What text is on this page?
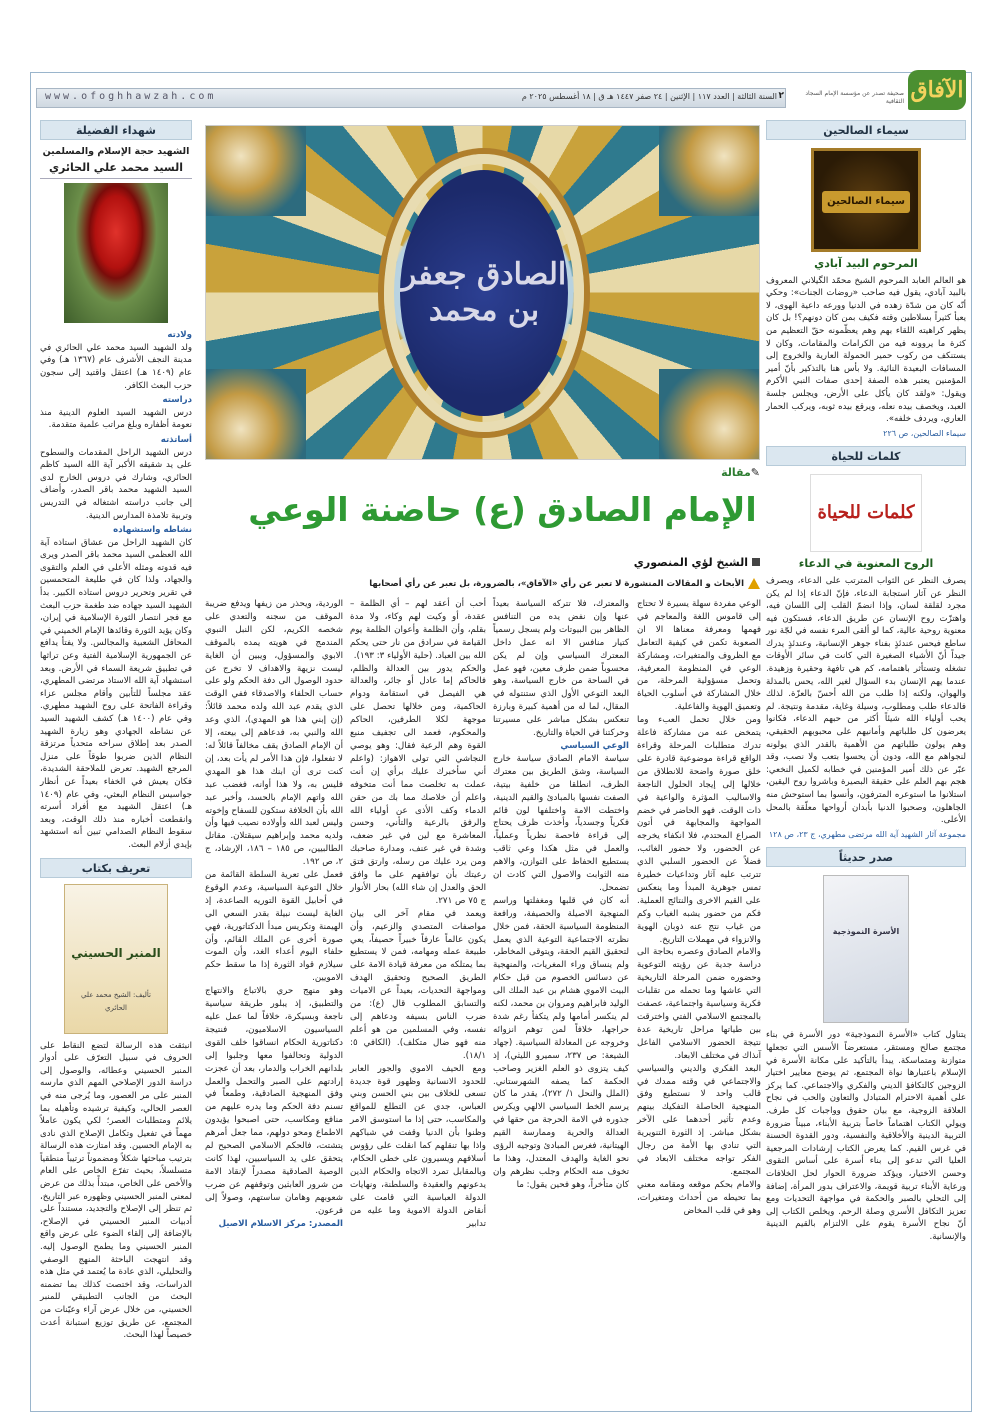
www.ofoghhawzah.com	السنة الثالثة | العدد ١١٧ | الإثنين | ٢٤ صفر ١٤٤٧ هـ ق | ١٨ أغسطس ٢٠٢٥ م ٢	الآفاق
صحيفة تصدر عن مؤسسة الإمام السجاد الثقافية
سيماء الصالحين
سيماء الصالحين
المرحوم البيد آبادي

هو العالم العابد المرحوم الشيخ محمّد الگيلاني المعروف بالبيد آبادي، يقول فيه صاحب «روضات الجنات»: وحكي أنّه كان من شدّة زهده في الدنيا وورعه داعية الهوى، لا يعبأ كثيراً بسلاطين وقته فكيف بمن كان دونهم؟! بل كان يظهر كراهيته اللقاء بهم وهم يعظّمونه حقّ التعظيم من كثرة ما يروونه فيه من الكرامات والمقامات، وكان لا يستنكف من ركوب حمير الحمولة العارية والخروج إلى المسافات البعيدة النائية. ولا بأس هنا بالتذكير بأنّ أمير المؤمنين يعتبر هذه الصفة إحدى صفات النبي الأكرم ويقول: «ولقد كان يأكل على الأرض، ويجلس جلسة العبد، ويخصف بيده نعله، ويرقع بيده ثوبه، ويركب الحمار العاري، ويردف خلفه».

سيماء الصالحين، ص ٢٢٦

كلمات للحياة
كلمات للحياة
الروح المعنوية في الدعاء

يصرف النظر عن الثواب المترتب على الدعاء، ويصرف النظر عن آثار استجابة الدعاء، فإنّ الدعاء إذا لم يكن مجرد لقلقة لسان، وإذا انضمّ القلب إلى اللسان فيه، واهتزّت روح الإنسان عن طريق الدعاء، فستكون فيه معنوية روحية عالية، كما لو ألقى المرء نفسه في لجّة نور ساطع فيحس عندئذٍ بفناء جوهر الإنسانية، وعندئذٍ يدرك جيداً أنّ الأشياء الصغيرة التي كانت في سائر الأوقات تشغله وتستأثر باهتمامه، كم هي تافهة وحقيرة وزهيدة. عندما يهم الإنسان بدء السؤال لغير الله، يحس بالمذلة والهوان، ولكنه إذا طلب من الله أحسّ بالعزّة. لذلك فالدعاء طلب ومطلوب، وسيلة وغاية، مقدمة ونتيجة. لم يحب أولياء الله شيئاً أكثر من حبهم الدعاء، فكانوا يعرضون كل طلباتهم وأمانيهم على محبوبهم الحقيقي، وهم يولون طلباتهم من الأهمية بالقدر الذي يولونه لنجواهم مع الله، ودون أن يحسوا بتعب ولا نصب، وقد عبّر عن ذلك أمير المؤمنين في خطابه لكميل النخعي: هجم بهم العلم على حقيقة البصيرة وباشروا روح اليقين، استلانوا ما استوعره المترفون، وأنسوا بما استوحش منه الجاهلون، وصحبوا الدنيا بأبدان أرواحها معلّقة بالمحل الأعلى.

مجموعة آثار الشهيد آية الله مرتضى مطهري، ج ٢٣، ص ١٢٨

صدر حديثاً
الأسرة النموذجية

يتناول كتاب «الأسرة النموذجية» دور الأسرة في بناء مجتمع صالح ومستقر، مستعرضاً الأسس التي تجعلها متوازنة ومتماسكة. يبدأ بالتأكيد على مكانة الأسرة في الإسلام باعتبارها نواة المجتمع، ثم يوضح معايير اختيار الزوجين كالتكافؤ الديني والفكري والاجتماعي. كما يركز على أهمية الاحترام المتبادل والتعاون والحب في نجاح العلاقة الزوجية، مع بيان حقوق وواجبات كل طرف. ويولي الكتاب اهتماماً خاصاً بتربية الأبناء، مبيناً ضرورة التربية الدينية والأخلاقية والنفسية، ودور القدوة الحسنة في غرس القيم. كما يعرض الكتاب إرشادات المرجعية العليا التي تدعو إلى بناء أسرة على أساس التقوى وحسن الاختيار، ويؤكد ضرورة الحوار لحل الخلافات ورعاية الأبناء تربية قويمة، والاعتراف بدور المرأة، إضافة إلى التحلي بالصبر والحكمة في مواجهة التحديات ومع تعزيز التكافل الأسري وصلة الرحم. ويخلص الكتاب إلى أنّ نجاح الأسرة يقوم على الالتزام بالقيم الدينية والإنسانية.

شهداء الفضيلة
الشهيد حجة الإسلام والمسلمين
السيد محمد علي الحائري
ولادته

ولد الشهيد السيد محمد علي الحائري في مدينة النجف الأشرف عام (١٣٦٧ هـ) وفي عام (١٤٠٩ هـ) اعتقل واقتيد إلى سجون حزب البعث الكافر.

دراسته

درس الشهيد السيد العلوم الدينية منذ نعومة أظفاره وبلغ مراتب علمية متقدمة.

أساتذته

درس الشهيد الراحل المقدمات والسطوح على يد شقيقه الأكبر آية الله السيد كاظم الحائري، وشارك في دروس الخارج لدى السيد الشهيد محمد باقر الصدر، وأضاف إلى جانب دراسته اشتغاله في التدريس وتربية تلامذة المدارس الدينية.

نشاطه واستشهاده

كان الشهيد الراحل من عشاق استاذه آية الله العظمى السيد محمد باقر الصدر ويرى فيه قدوته ومثله الأعلى في العلم والتقوى والجهاد، ولذا كان في طليعة المتحمسين في تقرير وتحرير دروس استاذه الكبير. بدأ الشهيد السيد جهاده ضد طغمة حزب البعث مع فجر انتصار الثورة الإسلامية في إيران، وكان يؤيد الثورة وقائدها الإمام الخميني في المحافل الشعبية والمجالس. ولا يفتأ يدافع عن الجمهورية الإسلامية الفتية وعن تراثها في تطبيق شريعة السماء في الأرض. وبعد استشهاد آية الله الاستاذ مرتضى المطهري، عقد مجلساً للتأبين وأقام مجلس عزاء وقراءة الفاتحة على روح الشهيد مطهري. وفي عام (١٤٠٠ هـ) كشف الشهيد السيد عن نشاطه الجهادي وهو زيارة الشهيد الصدر بعد إطلاق سراحه متحدياً مرتزقة النظام الذين ضربوا طوقاً على منزل المرجع الشهيد. تعرض للملاحقة الشديدة، فكان يعيش في الخفاء بعيداً عن أنظار جواسيس النظام البعثي، وفي عام (١٤٠٩ هـ) اعتقل الشهيد مع أفراد أسرته وانقطعت أخباره منذ ذلك الوقت، وبعد سقوط النظام الصدامي تبين أنه استشهد بإيدي أزلام البعث.

تعريف بكتاب
المنبر الحسيني
تأليف: الشيخ محمد علي الحائري

انبثقت هذه الرسالة لتضع النقاط على الحروف في سبيل التعرّف على أدوار المنبر الحسيني وعطائه، والوصول إلى دراسة الدور الإصلاحي المهم الذي مارسه المنبر على مر العصور، وما يُرجى منه في العصر الحالي، وكيفية ترشيده وتأهيله بما يلائم ومتطلبات العصر؛ لكي يكون عاملاً مهماً في تفعيل وتكامل الإصلاح الذي نادى به الإمام الحسين. وقد امتازت هذه الرسالة بترتيب مباحثها شكلاً ومضموناً ترتيباً منطقياً متسلسلاً، بحيث تفرّع الخاص على العام والأخص على الخاص، مبتدأً بذلك من عرض لمعنى المنبر الحسيني وظهوره عبر التاريخ، ثم تنظر إلى الإصلاح والتجديد، مستنداً على أدبيات المنبر الحسيني في الإصلاح، بالإضافة إلى إلقاء الضوء على عرض واقع المنبر الحسيني وما يطمح الوصول إليه. وقد انتهجت الباحثة المنهج الوصفي والتحليلي، الذي عادة ما يُعتمد في مثل هذه الدراسات، وقد اختصت كذلك بما تضمنه البحث من الجانب التطبيقي للمنبر الحسيني، من خلال عرض آراء وعيّنات من المجتمع، عن طريق توزيع استبانة أعدت خصيصاً لهذا البحث.

الصادق جعفر بن محمد
✎مقالة
الإمام الصادق (ع) حاضنة الوعي
الشيخ لؤي المنصوري
الأبحاث و المقالات المنشورة لا تعبر عن رأي «الآفاق»، بالضرورة، بل تعبر عن رأي أصحابها

الوعي مفردة سهلة يسيرة لا تحتاج إلى قاموس اللغة والمعاجم في فهمها ومعرفة معناها الا ان الصعوبة تكمن في كيفية التعامل مع الظروف والمتغيرات، ومشاركة الوعي في المنظومة المعرفية، وتحمل مسؤولية المرحلة، من خلال المشاركة في أسلوب الحياة وتعميق الهوية والفاعلية.

ومن خلال تحمل العبء وما يتمخض عنه من مشاركة فاعلة تدرك متطلبات المرحلة وقراءة الواقع قراءة موضوعية قادرة على خلق صورة واضحة للانطلاق من خلالها إلى إيجاد الحلول الناجعة والاساليب المؤثرة والواعية في ذات الوقت. فهو الحاضر في خضم المواجهة والمجابهة في أتون الصراع المحتدم، فلا انكفاء يخرجه عن الحضور، ولا حضور الغائب، فضلاً عن الحضور السلبي الذي تترتب عليه آثار وتداعيات خطيرة تمس جوهرية المبدأ وما ينعكس على القيم الاخرى والنتائج العملية. فكم من حضور يشبه الغياب وكم من غياب نتج عنه ذوبان الهوية والانزواء في مهملات التاريخ.

والامام الصادق وعصره بحاجة الى دراسة جدية عن رؤيته التوعوية وحضوره ضمن المرحلة التاريخية التي عاشها وما تحمله من تقلبات فكرية وسياسية واجتماعية، عصفت بالمجتمع الاسلامي الفتي واخترقت بين طياتها مراحل تاريخية عدة نتيجة الحضور الاسلامي الفاعل آنذاك في مختلف الابعاد.

البعد الفكري والديني والسياسي والاجتماعي في وقته ممدك في قالب واحد لا نستطيع وفق المنهجية الحاصلة التفكيك بينهم وعدم تأثير أحدهما على الآخر بشكل مباشر. إذ الثورة التنويرية التي تنادي بها الأمة من رجال الفكر تواجه مختلف الابعاد في المجتمع.

والامام بحكم موقعه ومقامه معني بما تحيطه من أحداث ومتغيرات، وهو في قلب المخاض

والمعترك، فلا تتركه السياسة بعيداً عنها وإن نفض يده من التنافس الظاهر بين البيوتات ولم يسجل رسمياً كتيار منافس الا انه عمل داخل المعترك السياسي وإن لم يكن محسوباً ضمن طرف معين، فهو عمل في الساحة من خارج السياسة، وهو البعد التوعي الأول الذي ستنتوله في المقال، لما له من أهمية كبيرة وبارزة تنعكس بشكل مباشر على مسيرتنا وحركتنا في الحياة والتاريخ.

الوعي السياسي

سياسة الامام الصادق سياسة خارج السياسة، وشق الطريق بين معترك الظرف، انطلقا من خلفية بيتية، الصفت نفسها بالمبادئ والقيم الدينية، واختطت الامة واختلفها لون قائم فكرياً وجسدياً، وأخذت ظرف يحتاج إلى قراءة فاحصة نظرياً وعملياً، والعمل في مثل هكذا وعي ثاقب يستطيع الحفاظ على التوازن، والاهم منه الثوابت والاصول التي كادت ان تضمحل.

أنه كان في قلبها ومغفلتها وراسم المنهجية الاصيلة والحصيفة، ورافعة المنظومة السياسية الحقة، فمن خلال نظرته الاجتماعية التوعية الذي يعمل لتحقيق القيم الحقة، ويتوقى المخاطر، ولم ينساق وراء المغريات، والمنهجية عن دسائس الخصوم من قبل حكام البيت الاموي هشام بن عبد الملك الى الوليد فابراهيم ومروان بن محمد، لكنه لم ينكسر أمامها ولم يتكفأ رغم شدة حراجها، خلافاً لمن توهم انزوائه وخروجه عن المعادلة السياسية. (جهاد الشيعة: ص ٢٣٧، سميرو الليثي)، إذ كيف يتزوى ذو العلم الغزير وصاحب الحكمة كما يصفه الشهرستاني. (الملل والنحل ١/ ٢٧٢)، يقدر ما كان يرسم الخط السياسي الالهي ويكرس جذوره في الامة الحرجة من حقها في العدالة والحرية وممارسة القيم الهيتانية، فغرس المبادئ وتوجيه الرؤى نحو الغاية والهدف المعتدل، وهذا ما تخوف منه الحكام وجلب نظرهم وان كان متأخراً، وهو فحين يقول: ما

أحب أن أعقد لهم – أي الظلمة – عقدة، أو وكيت لهم وكاء، ولا مدة بقلم، وأن الظلمة وأعوان الظلمة يوم القيامة في سرادق من نار حتى يحكم الله بين العباد. (حلية الأولياء ٣: ١٩٣).

والحكم يدور بين العدالة والظلم، فالحاكم إما عادل أو جائر، والعدالة هي الفيصل في استقامة ودوام الحاكمية، ومن خلالها تحصل على موجهة لكلا الطرفين، الحاكم والمحكوم، فعمد الى تجفيف منبع القوة وهم الرعية فقال: وهو يوصي النجاشي التي تولى الاهواز: (واعلم أني سأخبرك عليك برأي إن أنت عملت به تخلصت مما أنت متخوفه واعلم أن خلاصك مما بك من حقن الدماء وكف الأذى عن أولياء الله والرفق بالرعية والتأني، وحسن المعاشرة مع لين في غير ضعف، وشدة في غير عنف، ومدارة صاحبك ومن يرد عليك من رسله، وارتق فتق رعيتك بأن توافقهم على ما وافق الحق والعدل إن شاء الله) بحار الأنوار ج ٧٥ ص ٢٧١.

ويعمد في مقام آخر الى بيان مواصفات المتصدي والزعيم، وأن يكون عالماً عارفاً خبيراً حصيفاً، يعي طبيعة عمله ومهامه، فمن لا يستطيع بما يمتلكه من معرفة قيادة الامة على الطريق الصحيح وتحقيق الهدف ومواجهة التحديات، بعيداً عن الاميات والتسابق المطلوب قال (ع): من ضرب الناس بسيفه ودعاهم إلى نفسه، وفي المسلمين من هو أعلم منه فهو ضال متكلف). (الكافي ٥: ١٨/١).

ومع الحيف الاموي والجور العابر للحدود الانسانية وظهور قوة جديدة تسعى للخلاف بين بني الحسن وبني العباس، جدي عن التطلع للمواقع والمكاسب، حتى إذا ما استوسق الامر وظنوا بأن الدنيا وقفت في شباكهم واذا بها تنقلهم كما انقلت على رؤوس أسلافهم ويسيرون على خطى الحكام، وبالمقابل تمرد الاتجاه والحكام الذين يدعونهم والعقيدة والسلطنة، ونهايات الدولة العباسية التي قامت على أنقاض الدولة الاموية وما عليه من تدابير

الوردية، ويحذر من زيفها ويدفع ضريبة الموقف من سجنه والتعدي على شخصه الكريم، لكن النبل النبوي المندمج في هويته يمده بالموقف الابوي والمسؤول، ويبين أن الغاية ليست نزيهة والاهداف لا تخرج عن حدود الوصول الى دفة الحكم ولو على حساب الحلفاء والاصدقاء ففي الوقت الذي يقدم عبد الله ولده محمد قائلاً: (إن إبني هذا هو المهدي)، الذي وعد الله والنبي به، فدعاهم إلى بيعته، إلا أن الإمام الصادق يقف مخالفاً قائلاً له: لا تفعلوا، فإن هذا الأمر لم يأت بعد، إن كنت ترى أن ابنك هذا هو المهدي فليس به، ولا هذا أوانه، فغضب عبد الله واتهم الإمام بالحسد، وأخبر عبد الله بأن الخلافة ستكون للسفاح وإخوته وليس لعبد الله وأولاده نصيب فيها وأن ولديه محمد وإبراهيم سيقتلان. مقاتل الطالبيين، ص ١٨٥ – ١٨٦، الإرشاد، ج ٢، ص ١٩٢.

فعمل على تعرية السلطة القائمة من خلال التوعية السياسية، وعدم الوقوع في أحابيل القوة التوريه الصاعدة، إذ الغاية ليست نبيلة بقدر السعي الى الهيمنة وتكريس مبدأ الدكتاتورية، فهي صورة أخرى عن الملك القائم، وأن حلفاء اليوم أعداء الغد، وأن الموت سيلازم قواد الثورة إذا ما سقط حكم الامويين.

وهو منهج حري بالاتباع والانتهاج والتطبيق، إذ يبلور طريقة سياسية ناجعة وبسيكرة، خلافاً لما عمل عليه السياسيون الاسلاميون، فنتيجة دكتاتورية الحكام انساقوا خلف القوى الدولية وتحالفوا معها وجلبوا إلى بلدانهم الخراب والدمار، بعد أن عجزت إرادتهم على الصبر والتحمل والعمل وفق المنهجية الصادقية، وطمعاً في تسنم دفة الحكم وما يدره عليهم من منافع ومكاسب، حتى اصبحوا يؤيدون الاطماع ومحو دولهم، مما جعل أمرهم يتشتت، فالحكم الاسلامي الصحيح لم يتحقق على يد السياسيين، لهذا كانت الوصية الصادقية مصدراً لإنقاذ الامة من شرور العابثين وتوقفهم عن ضرب شعوبهم وهامان ساستهم، وصولاً إلى فرعون.

المصدر: مركز الاسلام الاصيل
